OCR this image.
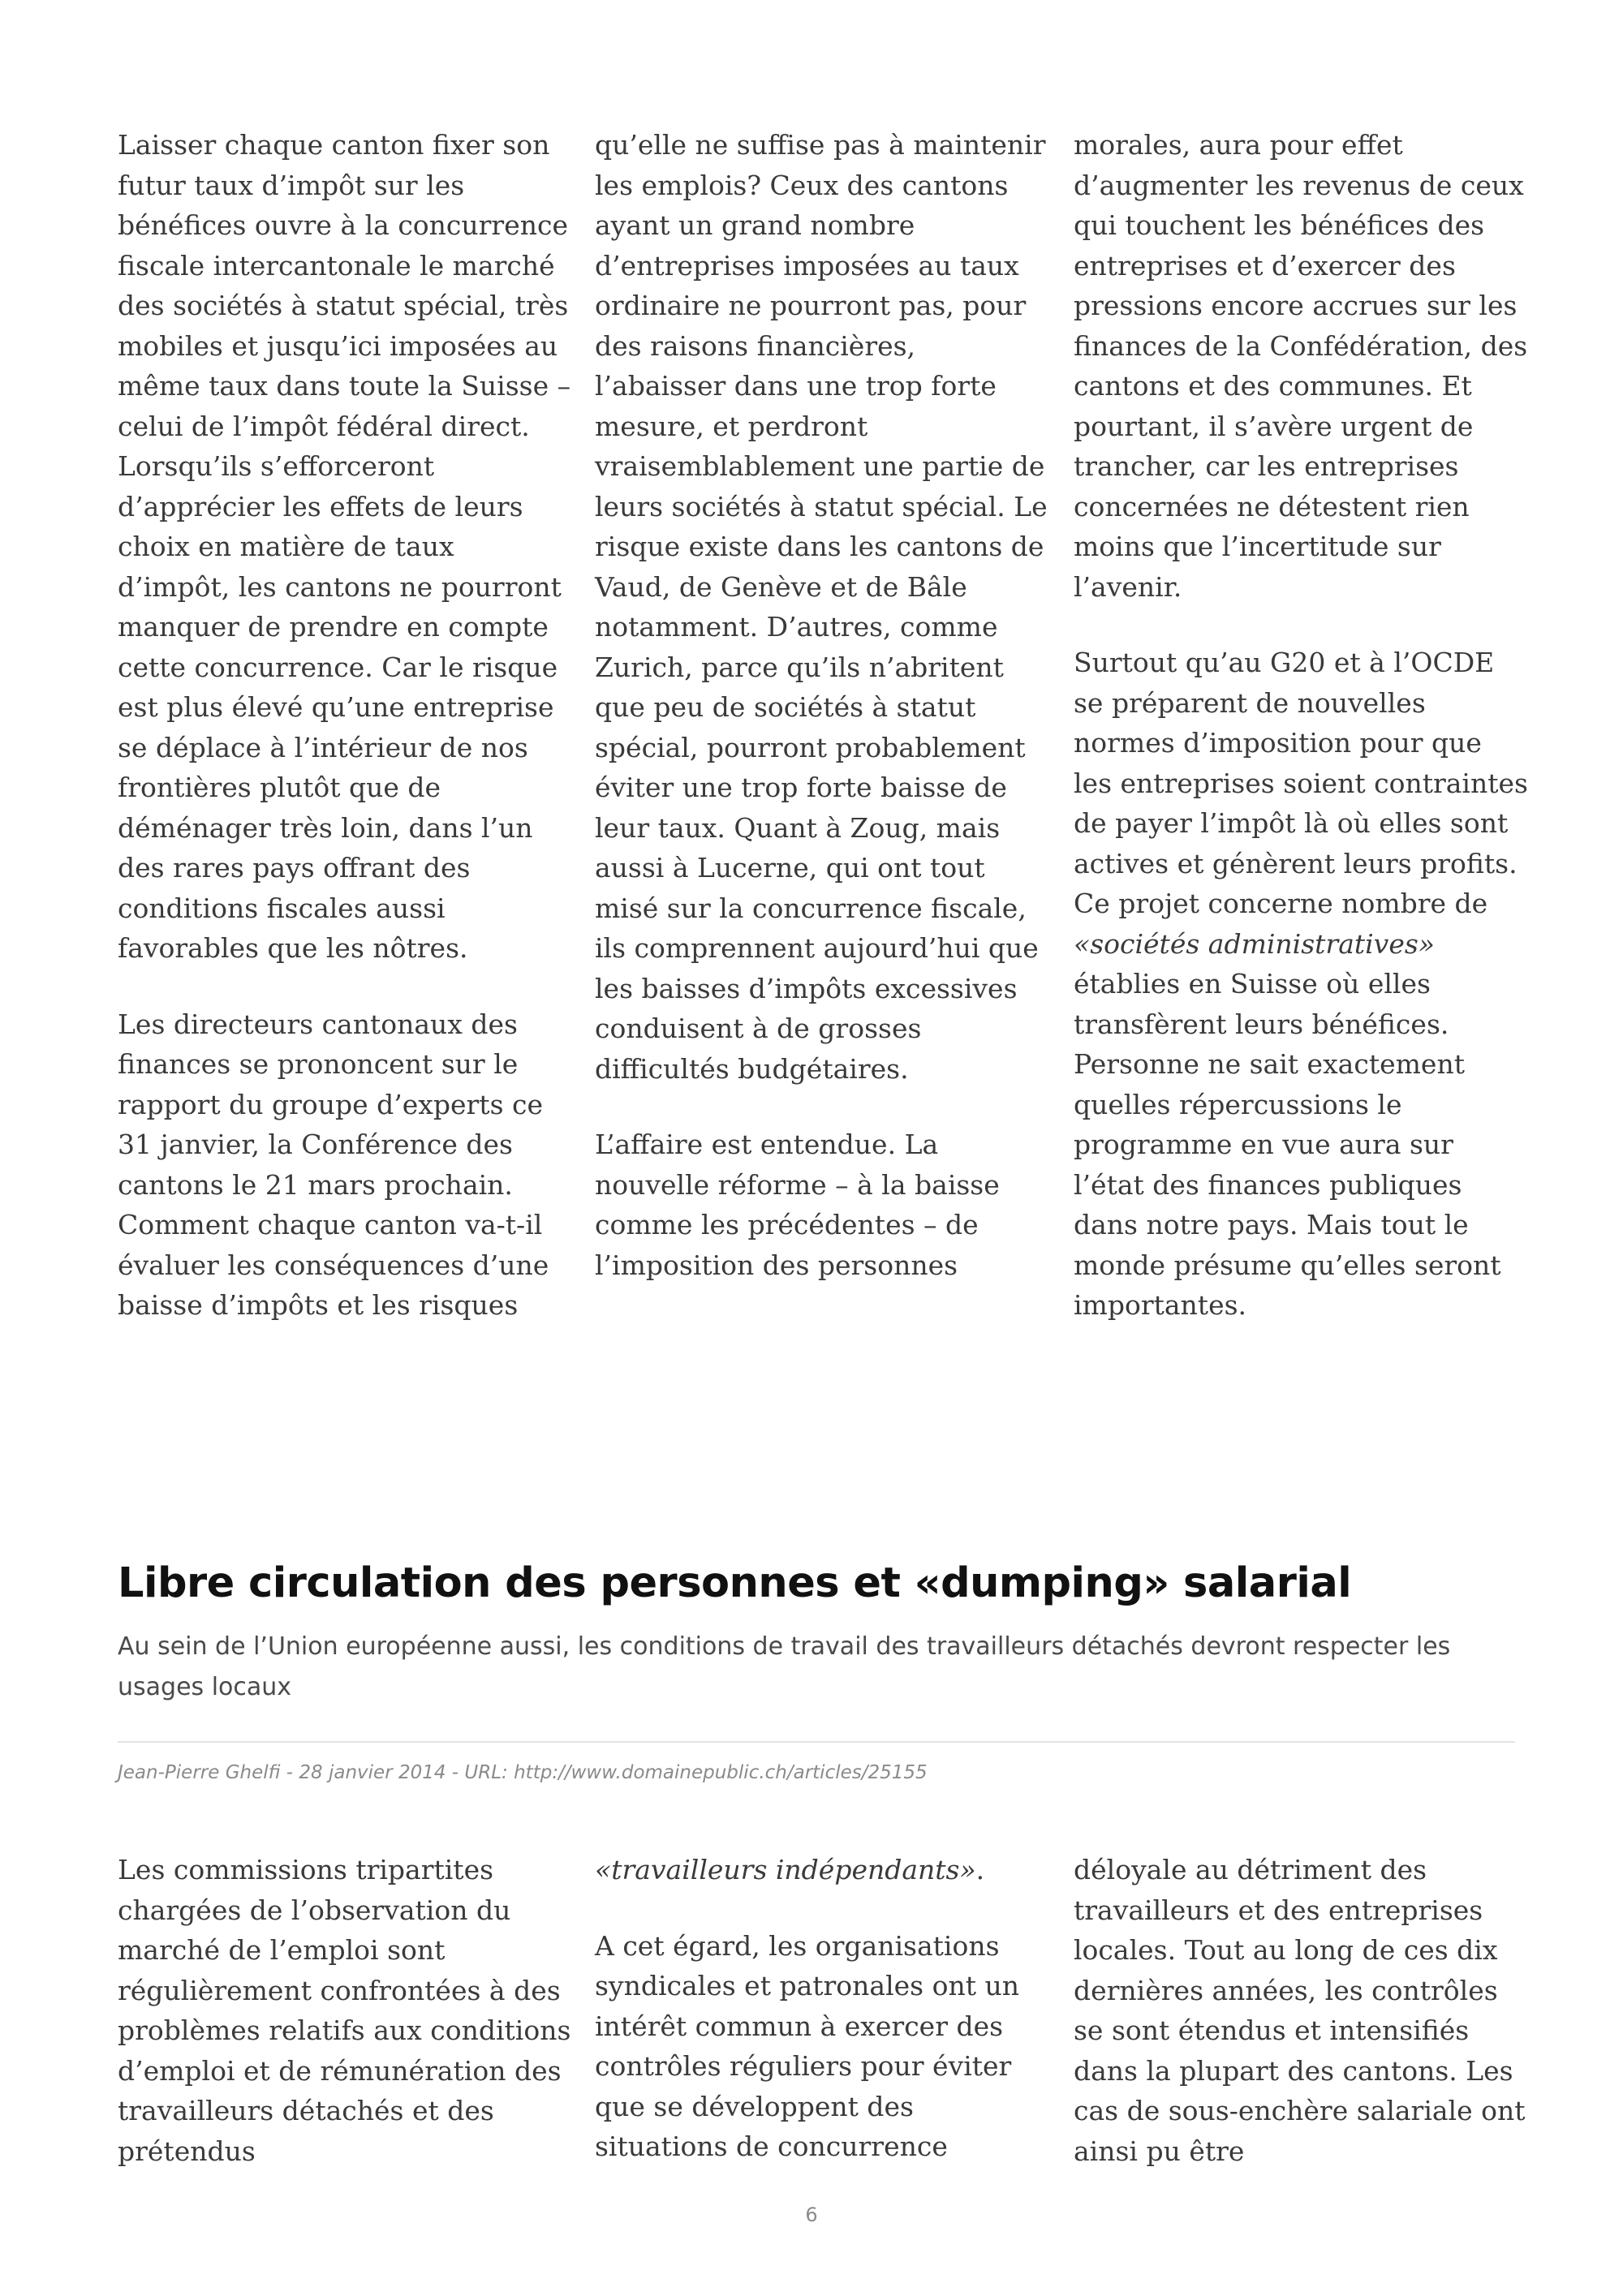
Laisser chaque canton fixer son futur taux d’impôt sur les bénéfices ouvre à la concurrence fiscale intercantonale le marché des sociétés à statut spécial, très mobiles et jusqu’ici imposées au même taux dans toute la Suisse – celui de l’impôt fédéral direct. Lorsqu’ils s’efforceront d’apprécier les effets de leurs choix en matière de taux d’impôt, les cantons ne pourront manquer de prendre en compte cette concurrence. Car le risque est plus élevé qu’une entreprise se déplace à l’intérieur de nos frontières plutôt que de déménager très loin, dans l’un des rares pays offrant des conditions fiscales aussi favorables que les nôtres.

Les directeurs cantonaux des finances se prononcent sur le rapport du groupe d’experts ce 31 janvier, la Conférence des cantons le 21 mars prochain. Comment chaque canton va-t-il évaluer les conséquences d’une baisse d’impôts et les risques

qu’elle ne suffise pas à maintenir les emplois? Ceux des cantons ayant un grand nombre d’entreprises imposées au taux ordinaire ne pourront pas, pour des raisons financières, l’abaisser dans une trop forte mesure, et perdront vraisemblablement une partie de leurs sociétés à statut spécial. Le risque existe dans les cantons de Vaud, de Genève et de Bâle notamment. D’autres, comme Zurich, parce qu’ils n’abritent que peu de sociétés à statut spécial, pourront probablement éviter une trop forte baisse de leur taux. Quant à Zoug, mais aussi à Lucerne, qui ont tout misé sur la concurrence fiscale, ils comprennent aujourd’hui que les baisses d’impôts excessives conduisent à de grosses difficultés budgétaires.

L’affaire est entendue. La nouvelle réforme – à la baisse comme les précédentes – de l’imposition des personnes

morales, aura pour effet d’augmenter les revenus de ceux qui touchent les bénéfices des entreprises et d’exercer des pressions encore accrues sur les finances de la Confédération, des cantons et des communes. Et pourtant, il s’avère urgent de trancher, car les entreprises concernées ne détestent rien moins que l’incertitude sur l’avenir.

Surtout qu’au G20 et à l’OCDE se préparent de nouvelles normes d’imposition pour que les entreprises soient contraintes de payer l’impôt là où elles sont actives et génèrent leurs profits. Ce projet concerne nombre de «sociétés administratives» établies en Suisse où elles transfèrent leurs bénéfices. Personne ne sait exactement quelles répercussions le programme en vue aura sur l’état des finances publiques dans notre pays. Mais tout le monde présume qu’elles seront importantes.

Libre circulation des personnes et «dumping» salarial

Au sein de l’Union européenne aussi, les conditions de travail des travailleurs détachés devront respecter les usages locaux

Jean-Pierre Ghelfi - 28 janvier 2014 - URL: http://www.domainepublic.ch/articles/25155

Les commissions tripartites chargées de l’observation du marché de l’emploi sont régulièrement confrontées à des problèmes relatifs aux conditions d’emploi et de rémunération des travailleurs détachés et des prétendus

«travailleurs indépendants».

A cet égard, les organisations syndicales et patronales ont un intérêt commun à exercer des contrôles réguliers pour éviter que se développent des situations de concurrence

déloyale au détriment des travailleurs et des entreprises locales. Tout au long de ces dix dernières années, les contrôles se sont étendus et intensifiés dans la plupart des cantons. Les cas de sous-enchère salariale ont ainsi pu être

6
